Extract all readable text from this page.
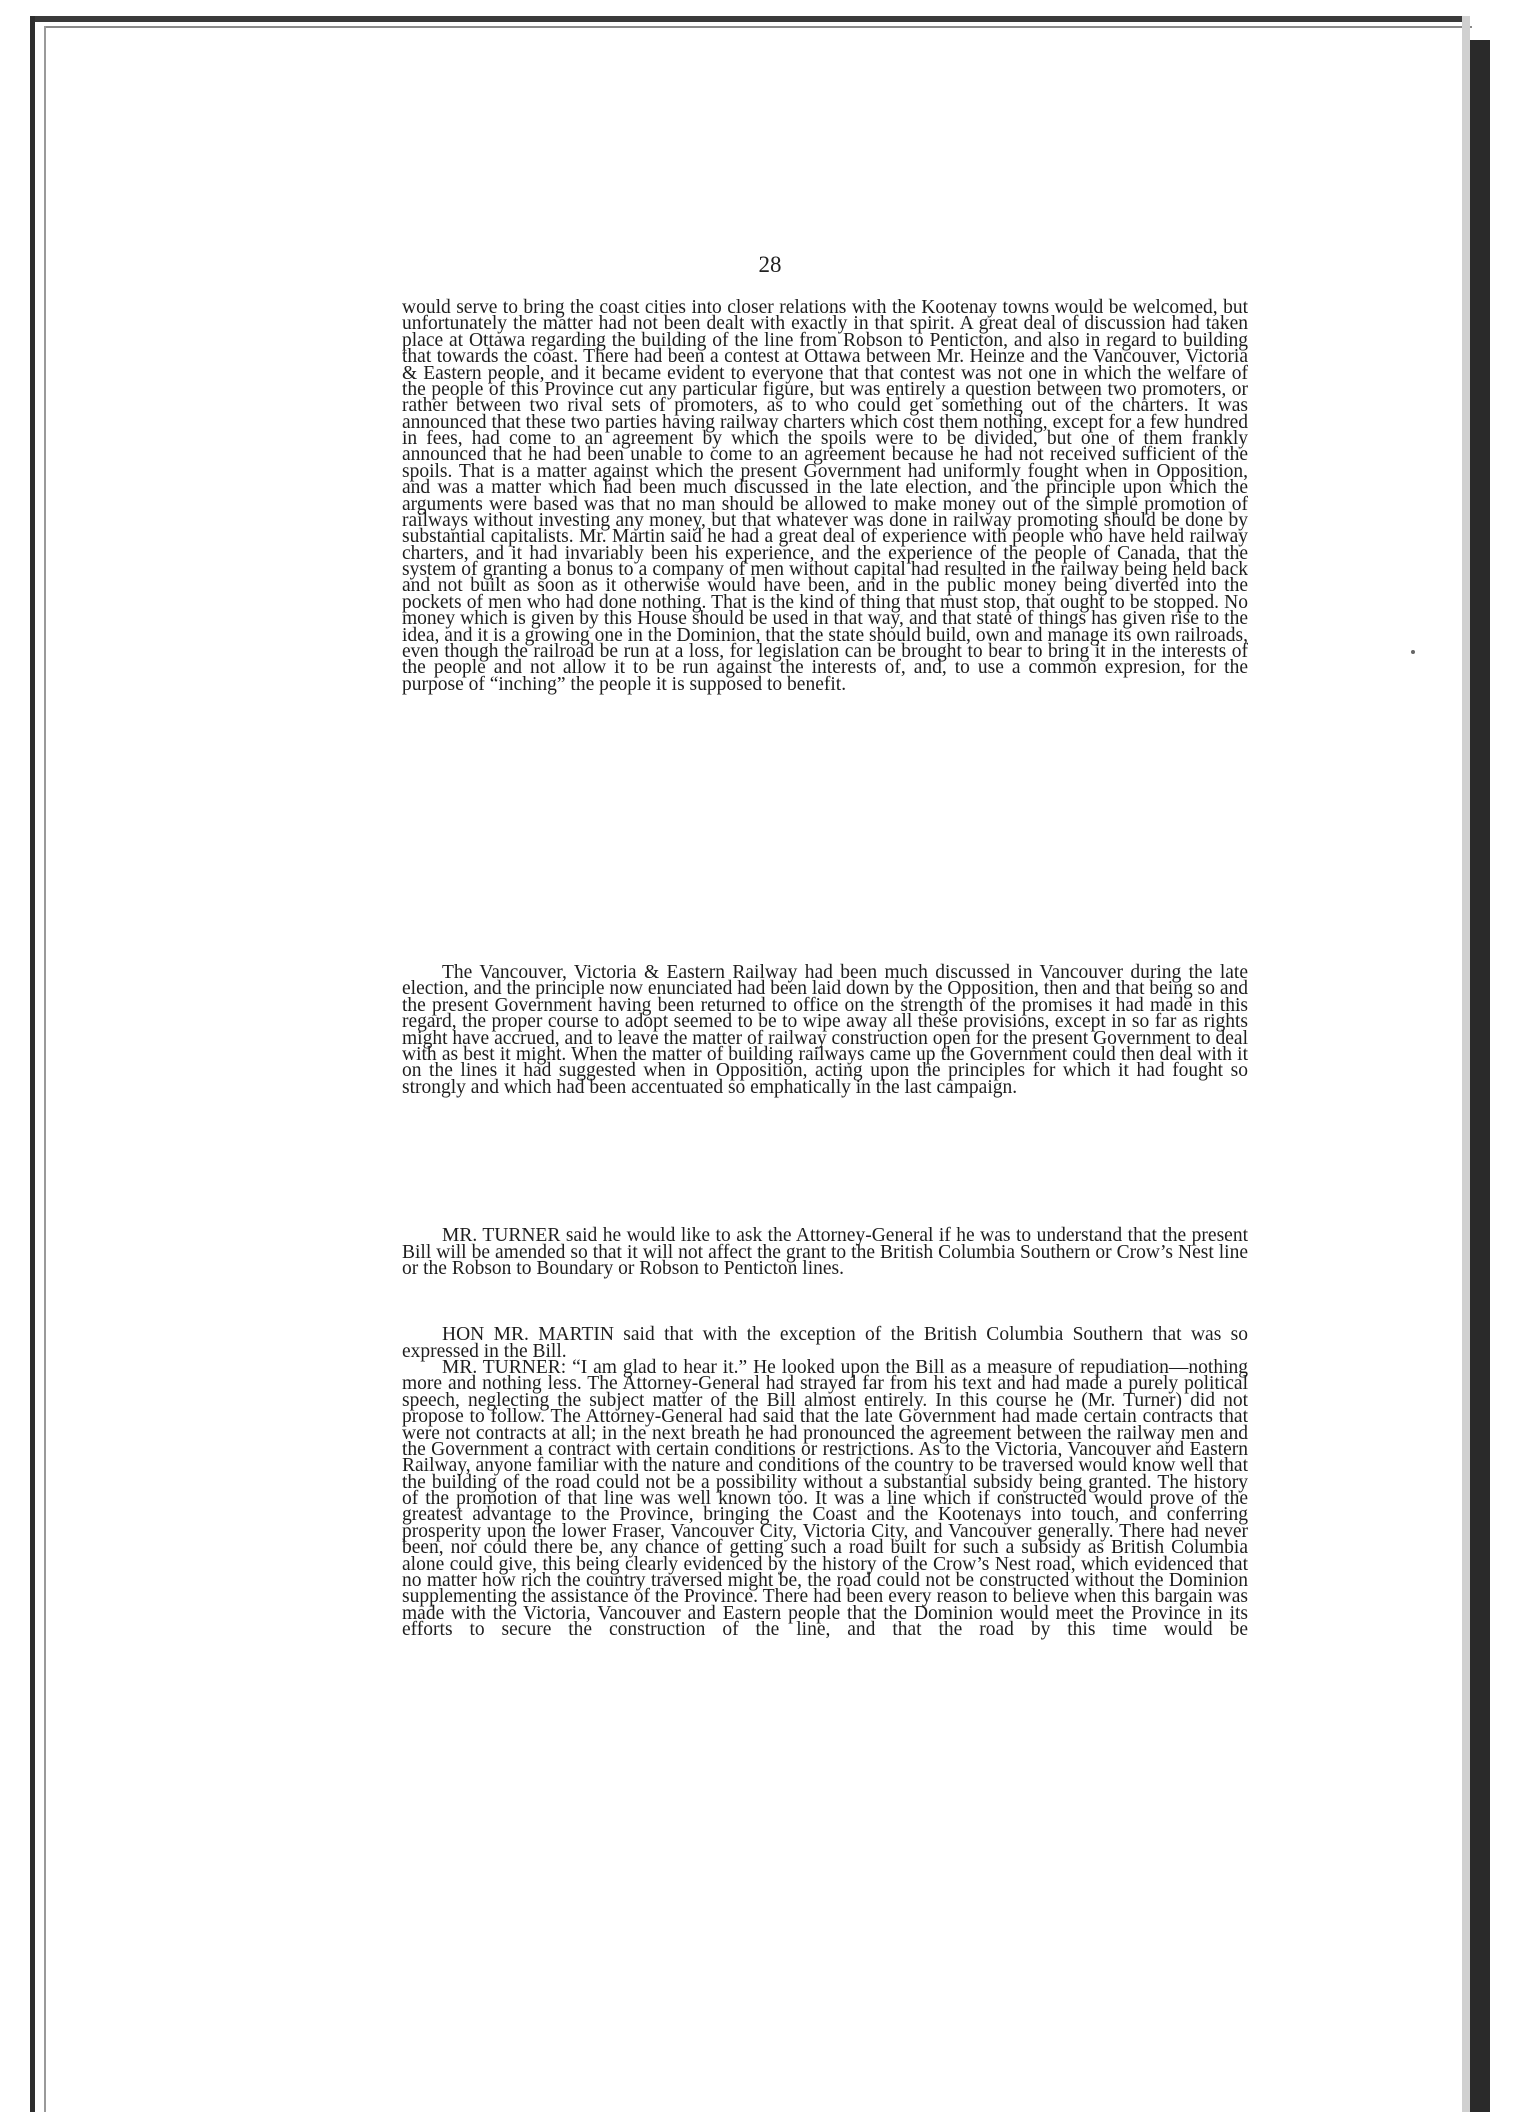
28

would serve to bring the coast cities into closer relations with the Kootenay towns would be welcomed, but unfortunately the matter had not been dealt with exactly in that spirit. A great deal of discussion had taken place at Ottawa regarding the building of the line from Robson to Penticton, and also in regard to building that towards the coast. There had been a contest at Ottawa between Mr. Heinze and the Vancouver, Victoria & Eastern people, and it became evident to everyone that that contest was not one in which the welfare of the people of this Province cut any particular figure, but was entirely a question between two promoters, or rather between two rival sets of promoters, as to who could get something out of the charters. It was announced that these two parties having railway charters which cost them nothing, except for a few hundred in fees, had come to an agreement by which the spoils were to be divided, but one of them frankly announced that he had been unable to come to an agreement because he had not received sufficient of the spoils. That is a matter against which the present Government had uniformly fought when in Opposition, and was a matter which had been much discussed in the late election, and the principle upon which the arguments were based was that no man should be allowed to make money out of the simple promotion of railways without investing any money, but that whatever was done in railway promoting should be done by substantial capitalists. Mr. Martin said he had a great deal of experience with people who have held railway charters, and it had invariably been his experience, and the experience of the people of Canada, that the system of granting a bonus to a company of men without capital had resulted in the railway being held back and not built as soon as it otherwise would have been, and in the public money being diverted into the pockets of men who had done nothing. That is the kind of thing that must stop, that ought to be stopped. No money which is given by this House should be used in that way, and that state of things has given rise to the idea, and it is a growing one in the Dominion, that the state should build, own and manage its own railroads, even though the railroad be run at a loss, for legislation can be brought to bear to bring it in the interests of the people and not allow it to be run against the interests of, and, to use a common expresion, for the purpose of “inching” the people it is supposed to benefit.

The Vancouver, Victoria & Eastern Railway had been much discussed in Vancouver during the late election, and the principle now enunciated had been laid down by the Opposition, then and that being so and the present Government having been returned to office on the strength of the promises it had made in this regard, the proper course to adopt seemed to be to wipe away all these provisions, except in so far as rights might have accrued, and to leave the matter of railway construction open for the present Government to deal with as best it might. When the matter of building railways came up the Government could then deal with it on the lines it had suggested when in Opposition, acting upon the principles for which it had fought so strongly and which had been accentuated so emphatically in the last campaign.

MR. TURNER said he would like to ask the Attorney-General if he was to understand that the present Bill will be amended so that it will not affect the grant to the British Columbia Southern or Crow’s Nest line or the Robson to Boundary or Robson to Penticton lines.

HON MR. MARTIN said that with the exception of the British Columbia Southern that was so expressed in the Bill.

MR. TURNER: “I am glad to hear it.” He looked upon the Bill as a measure of repudiation—nothing more and nothing less. The Attorney-General had strayed far from his text and had made a purely political speech, neglecting the subject matter of the Bill almost entirely. In this course he (Mr. Turner) did not propose to follow. The Attorney-General had said that the late Government had made certain contracts that were not contracts at all; in the next breath he had pronounced the agreement between the railway men and the Government a contract with certain conditions or restrictions. As to the Victoria, Vancouver and Eastern Railway, anyone familiar with the nature and conditions of the country to be traversed would know well that the building of the road could not be a possibility without a substantial subsidy being granted. The history of the promotion of that line was well known too. It was a line which if constructed would prove of the greatest advantage to the Province, bringing the Coast and the Kootenays into touch, and conferring prosperity upon the lower Fraser, Vancouver City, Victoria City, and Vancouver generally. There had never been, nor could there be, any chance of getting such a road built for such a subsidy as British Columbia alone could give, this being clearly evidenced by the history of the Crow’s Nest road, which evidenced that no matter how rich the country traversed might be, the road could not be constructed without the Dominion supplementing the assistance of the Province. There had been every reason to believe when this bargain was made with the Victoria, Vancouver and Eastern people that the Dominion would meet the Province in its efforts to secure the construction of the line, and that the road by this time would be
